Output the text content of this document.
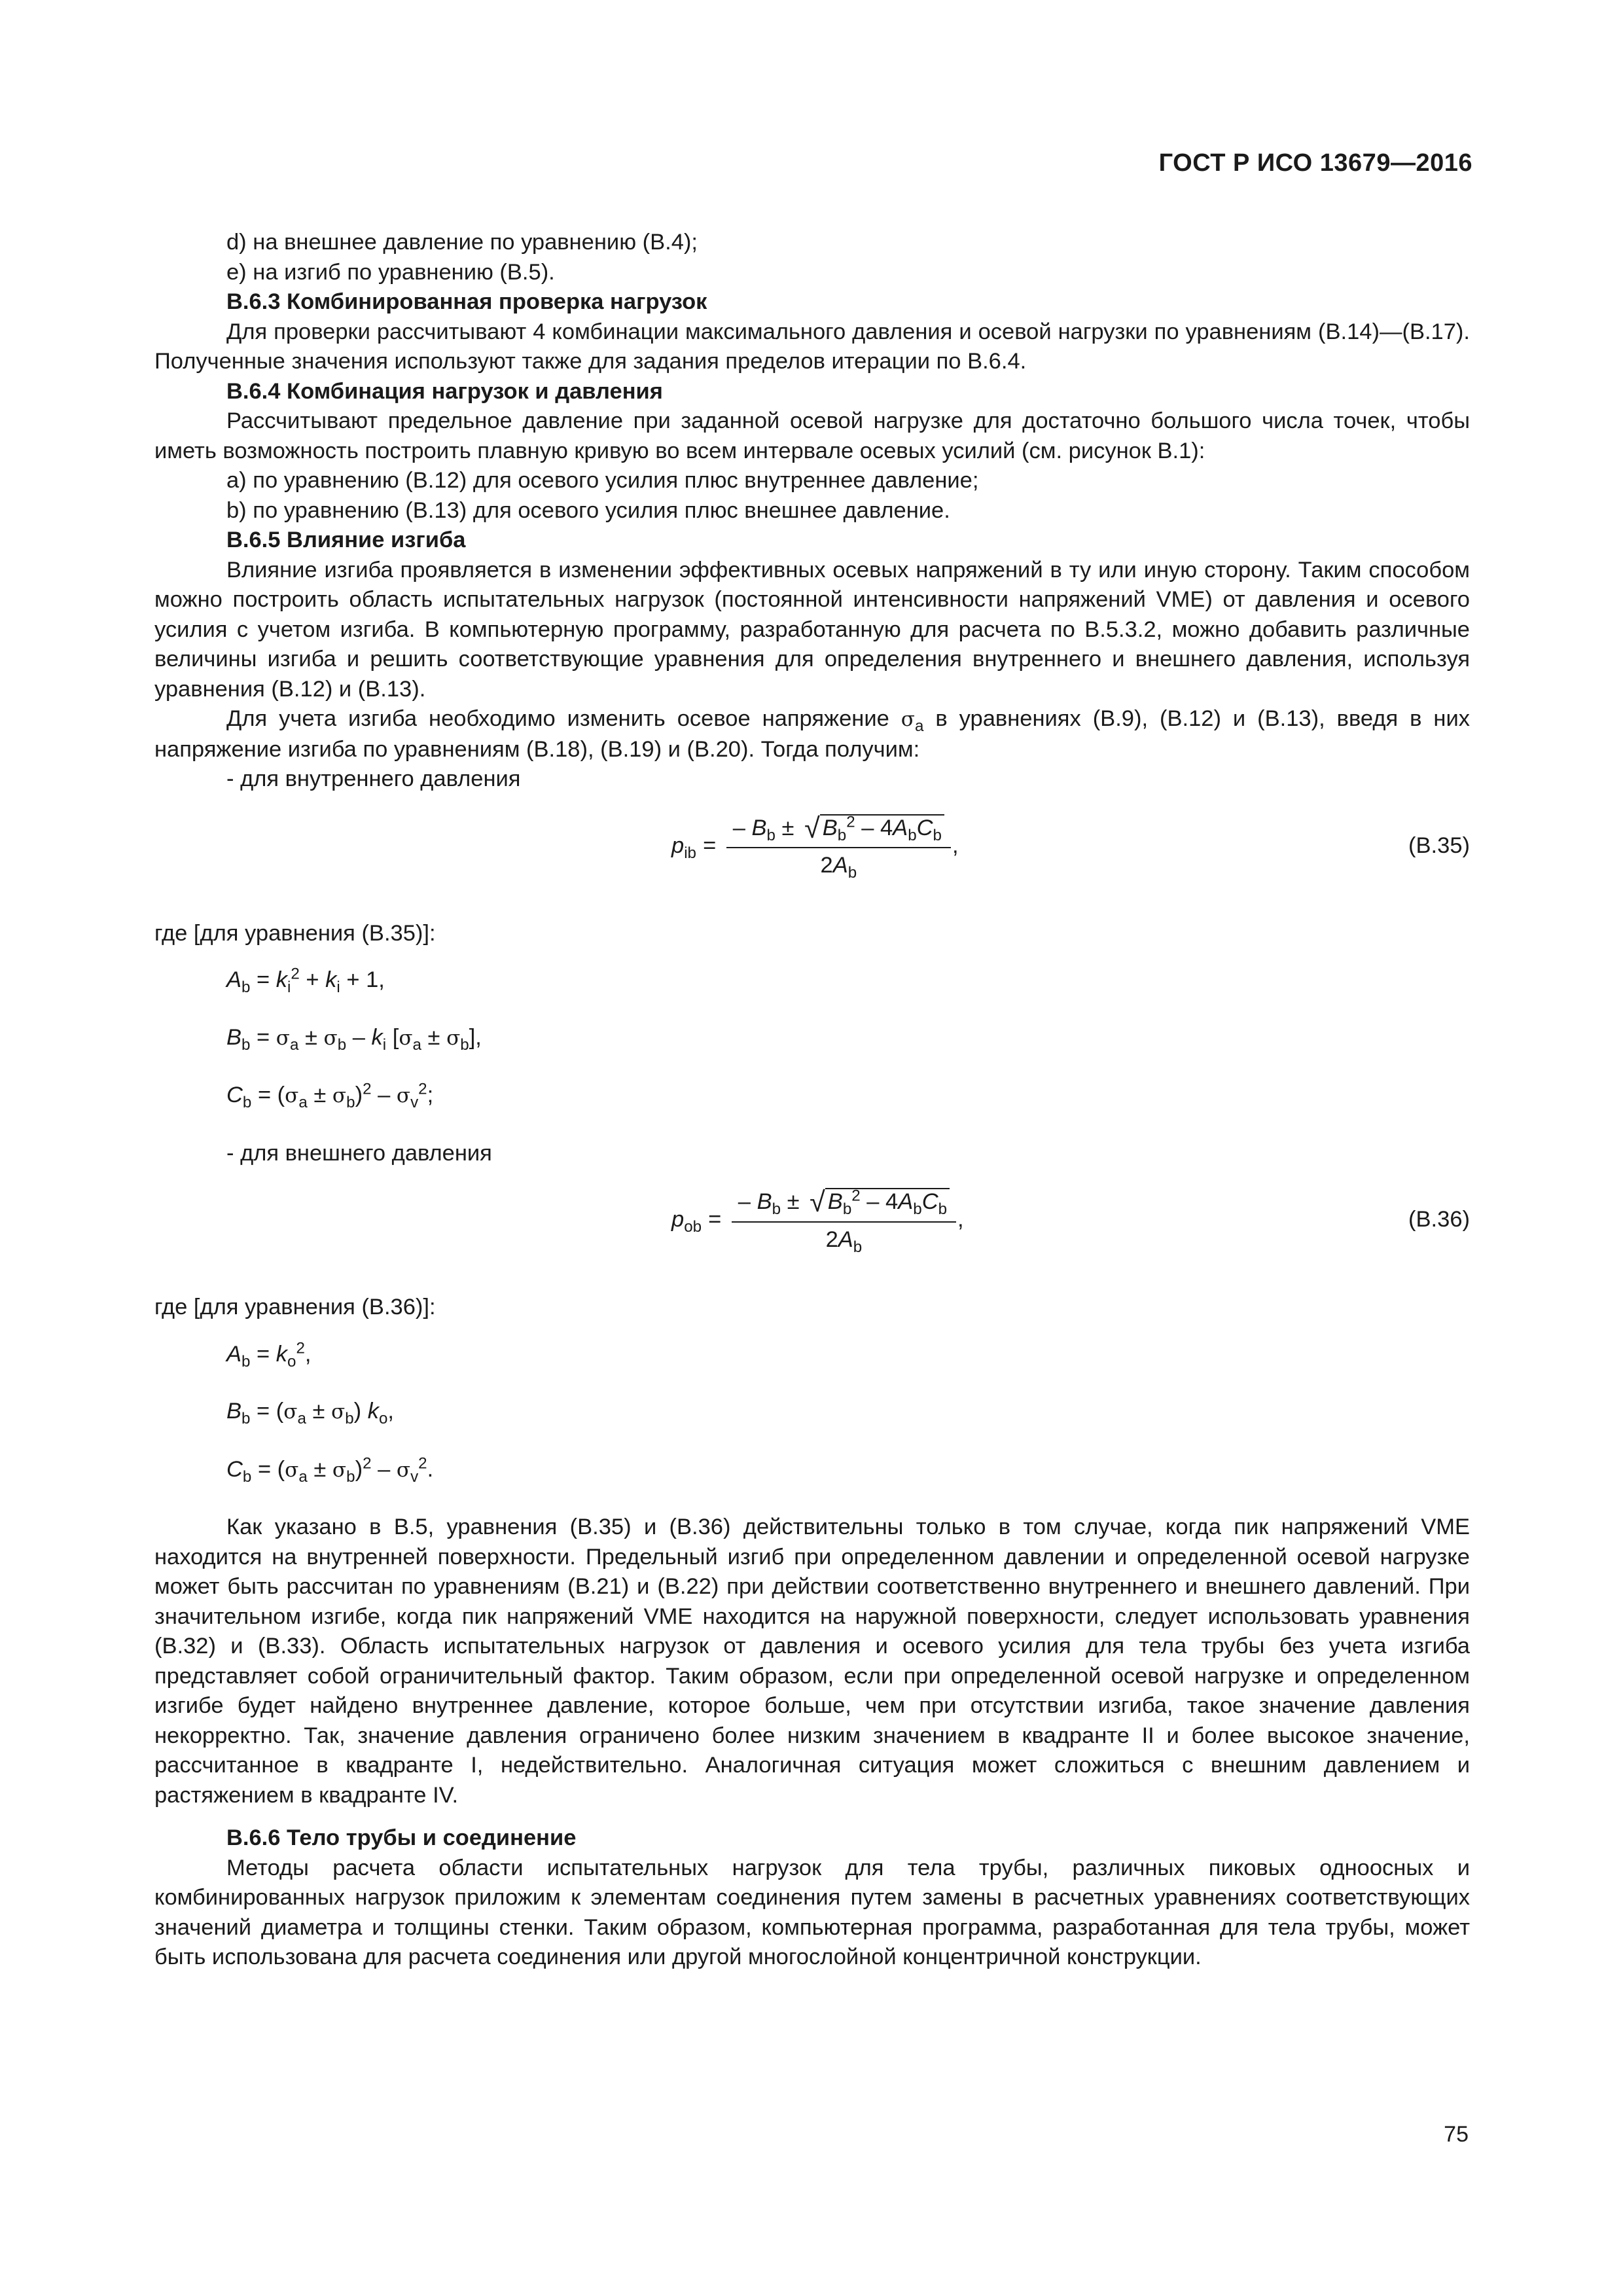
ГОСТ Р ИСО 13679—2016

d) на внешнее давление по уравнению (В.4);

е) на изгиб по уравнению (В.5).

В.6.3 Комбинированная проверка нагрузок

Для проверки рассчитывают 4 комбинации максимального давления и осевой нагрузки по уравнениям (В.14)—(В.17). Полученные значения используют также для задания пределов итерации по В.6.4.

В.6.4 Комбинация нагрузок и давления

Рассчитывают предельное давление при заданной осевой нагрузке для достаточно большого числа точек, чтобы иметь возможность построить плавную кривую во всем интервале осевых усилий (см. рисунок В.1):

a) по уравнению (В.12) для осевого усилия плюс внутреннее давление;

b) по уравнению (В.13) для осевого усилия плюс внешнее давление.

В.6.5 Влияние изгиба

Влияние изгиба проявляется в изменении эффективных осевых напряжений в ту или иную сторону. Таким способом можно построить область испытательных нагрузок (постоянной интенсивности напряжений VME) от давления и осевого усилия с учетом изгиба. В компьютерную программу, разработанную для расчета по В.5.3.2, можно добавить различные величины изгиба и решить соответствующие уравнения для определения внутреннего и внешнего давления, используя уравнения (В.12) и (В.13).

Для учета изгиба необходимо изменить осевое напряжение $\sigma_a$ в уравнениях (В.9), (В.12) и (В.13), введя в них напряжение изгиба по уравнениям (В.18), (В.19) и (В.20). Тогда получим:

- для внутреннего давления

$p_{ib} = \frac{- B_b \pm √ B_b^2 - 4A_bC_b}{2A_b}$ ,	(В.35)

где [для уравнения (В.35)]:

$A_b = k_i^2 + k_i + 1$,
$B_b = \sigma_a \pm \sigma_b - k_i$ $[\sigma_a \pm \sigma_b]$,
$C_b = (\sigma_a \pm \sigma_b)^2 - \sigma_v^2$;

- для внешнего давления

$p_{ob} = \frac{- B_b \pm √ B_b^2 - 4A_bC_b}{2A_b}$ ,	(В.36)

где [для уравнения (В.36)]:

$A_b = k_o^2$,
$B_b = (\sigma_a \pm \sigma_b)$ $k_o$,
$C_b = (\sigma_a \pm \sigma_b)^2 - \sigma_v^2$.

Как указано в В.5, уравнения (В.35) и (В.36) действительны только в том случае, когда пик напряжений VME находится на внутренней поверхности. Предельный изгиб при определенном давлении и определенной осевой нагрузке может быть рассчитан по уравнениям (В.21) и (В.22) при действии соответственно внутреннего и внешнего давлений. При значительном изгибе, когда пик напряжений VME находится на наружной поверхности, следует использовать уравнения (В.32) и (В.33). Область испытательных нагрузок от давления и осевого усилия для тела трубы без учета изгиба представляет собой ограничительный фактор. Таким образом, если при определенной осевой нагрузке и определенном изгибе будет найдено внутреннее давление, которое больше, чем при отсутствии изгиба, такое значение давления некорректно. Так, значение давления ограничено более низким значением в квадранте II и более высокое значение, рассчитанное в квадранте I, недействительно. Аналогичная ситуация может сложиться с внешним давлением и растяжением в квадранте IV.

В.6.6 Тело трубы и соединение

Методы расчета области испытательных нагрузок для тела трубы, различных пиковых одноосных и комбинированных нагрузок приложим к элементам соединения путем замены в расчетных уравнениях соответствующих значений диаметра и толщины стенки. Таким образом, компьютерная программа, разработанная для тела трубы, может быть использована для расчета соединения или другой многослойной концентричной конструкции.

75
